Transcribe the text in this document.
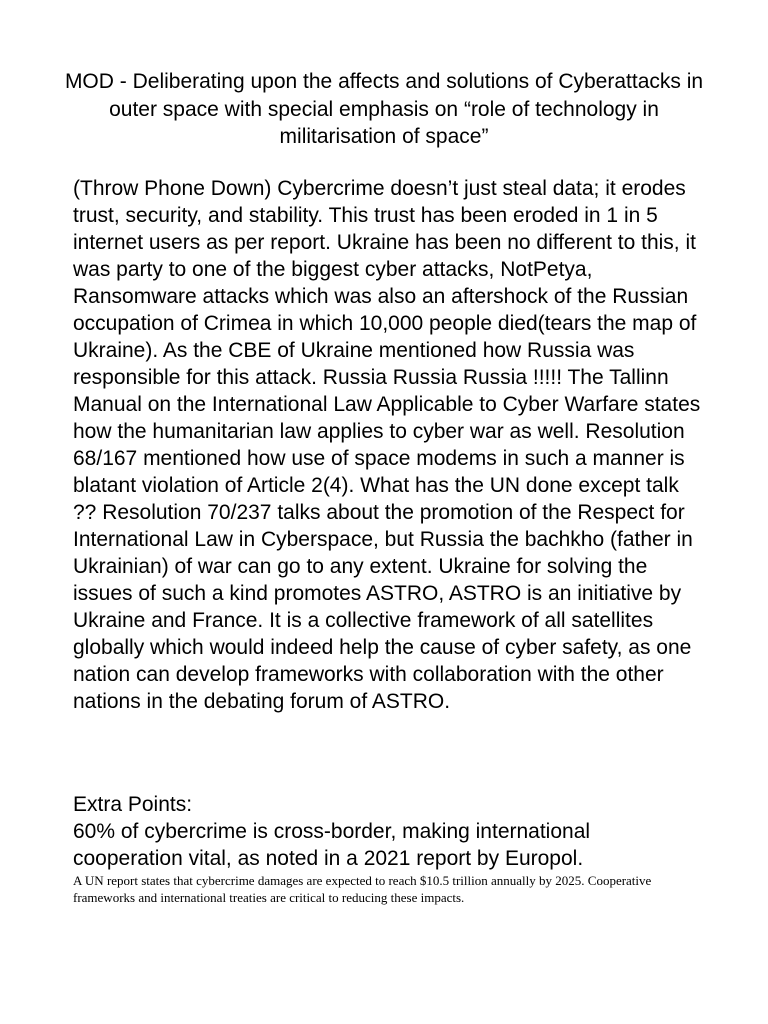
MOD - Deliberating upon the affects and solutions of Cyberattacks in outer space with special emphasis on “role of technology in militarisation of space”

(Throw Phone Down) Cybercrime doesn’t just steal data; it erodes trust, security, and stability. This trust has been eroded in 1 in 5 internet users as per report. Ukraine has been no different to this, it was party to one of the biggest cyber attacks, NotPetya, Ransomware attacks which was also an aftershock of the Russian occupation of Crimea in which 10,000 people died(tears the map of Ukraine). As the CBE of Ukraine mentioned how Russia was responsible for this attack. Russia Russia Russia !!!!! The Tallinn Manual on the International Law Applicable to Cyber Warfare states how the humanitarian law applies to cyber war as well. Resolution 68/167 mentioned how use of space modems in such a manner is blatant violation of Article 2(4). What has the UN done except talk ?? Resolution 70/237 talks about the promotion of the Respect for International Law in Cyberspace, but Russia the bachkho (father in Ukrainian) of war can go to any extent. Ukraine for solving the issues of such a kind promotes ASTRO, ASTRO is an initiative by Ukraine and France. It is a collective framework of all satellites globally which would indeed help the cause of cyber safety, as one nation can develop frameworks with collaboration with the other nations in the debating forum of ASTRO.

Extra Points:

60% of cybercrime is cross-border, making international cooperation vital, as noted in a 2021 report by Europol.

A UN report states that cybercrime damages are expected to reach $10.5 trillion annually by 2025. Cooperative frameworks and international treaties are critical to reducing these impacts.
